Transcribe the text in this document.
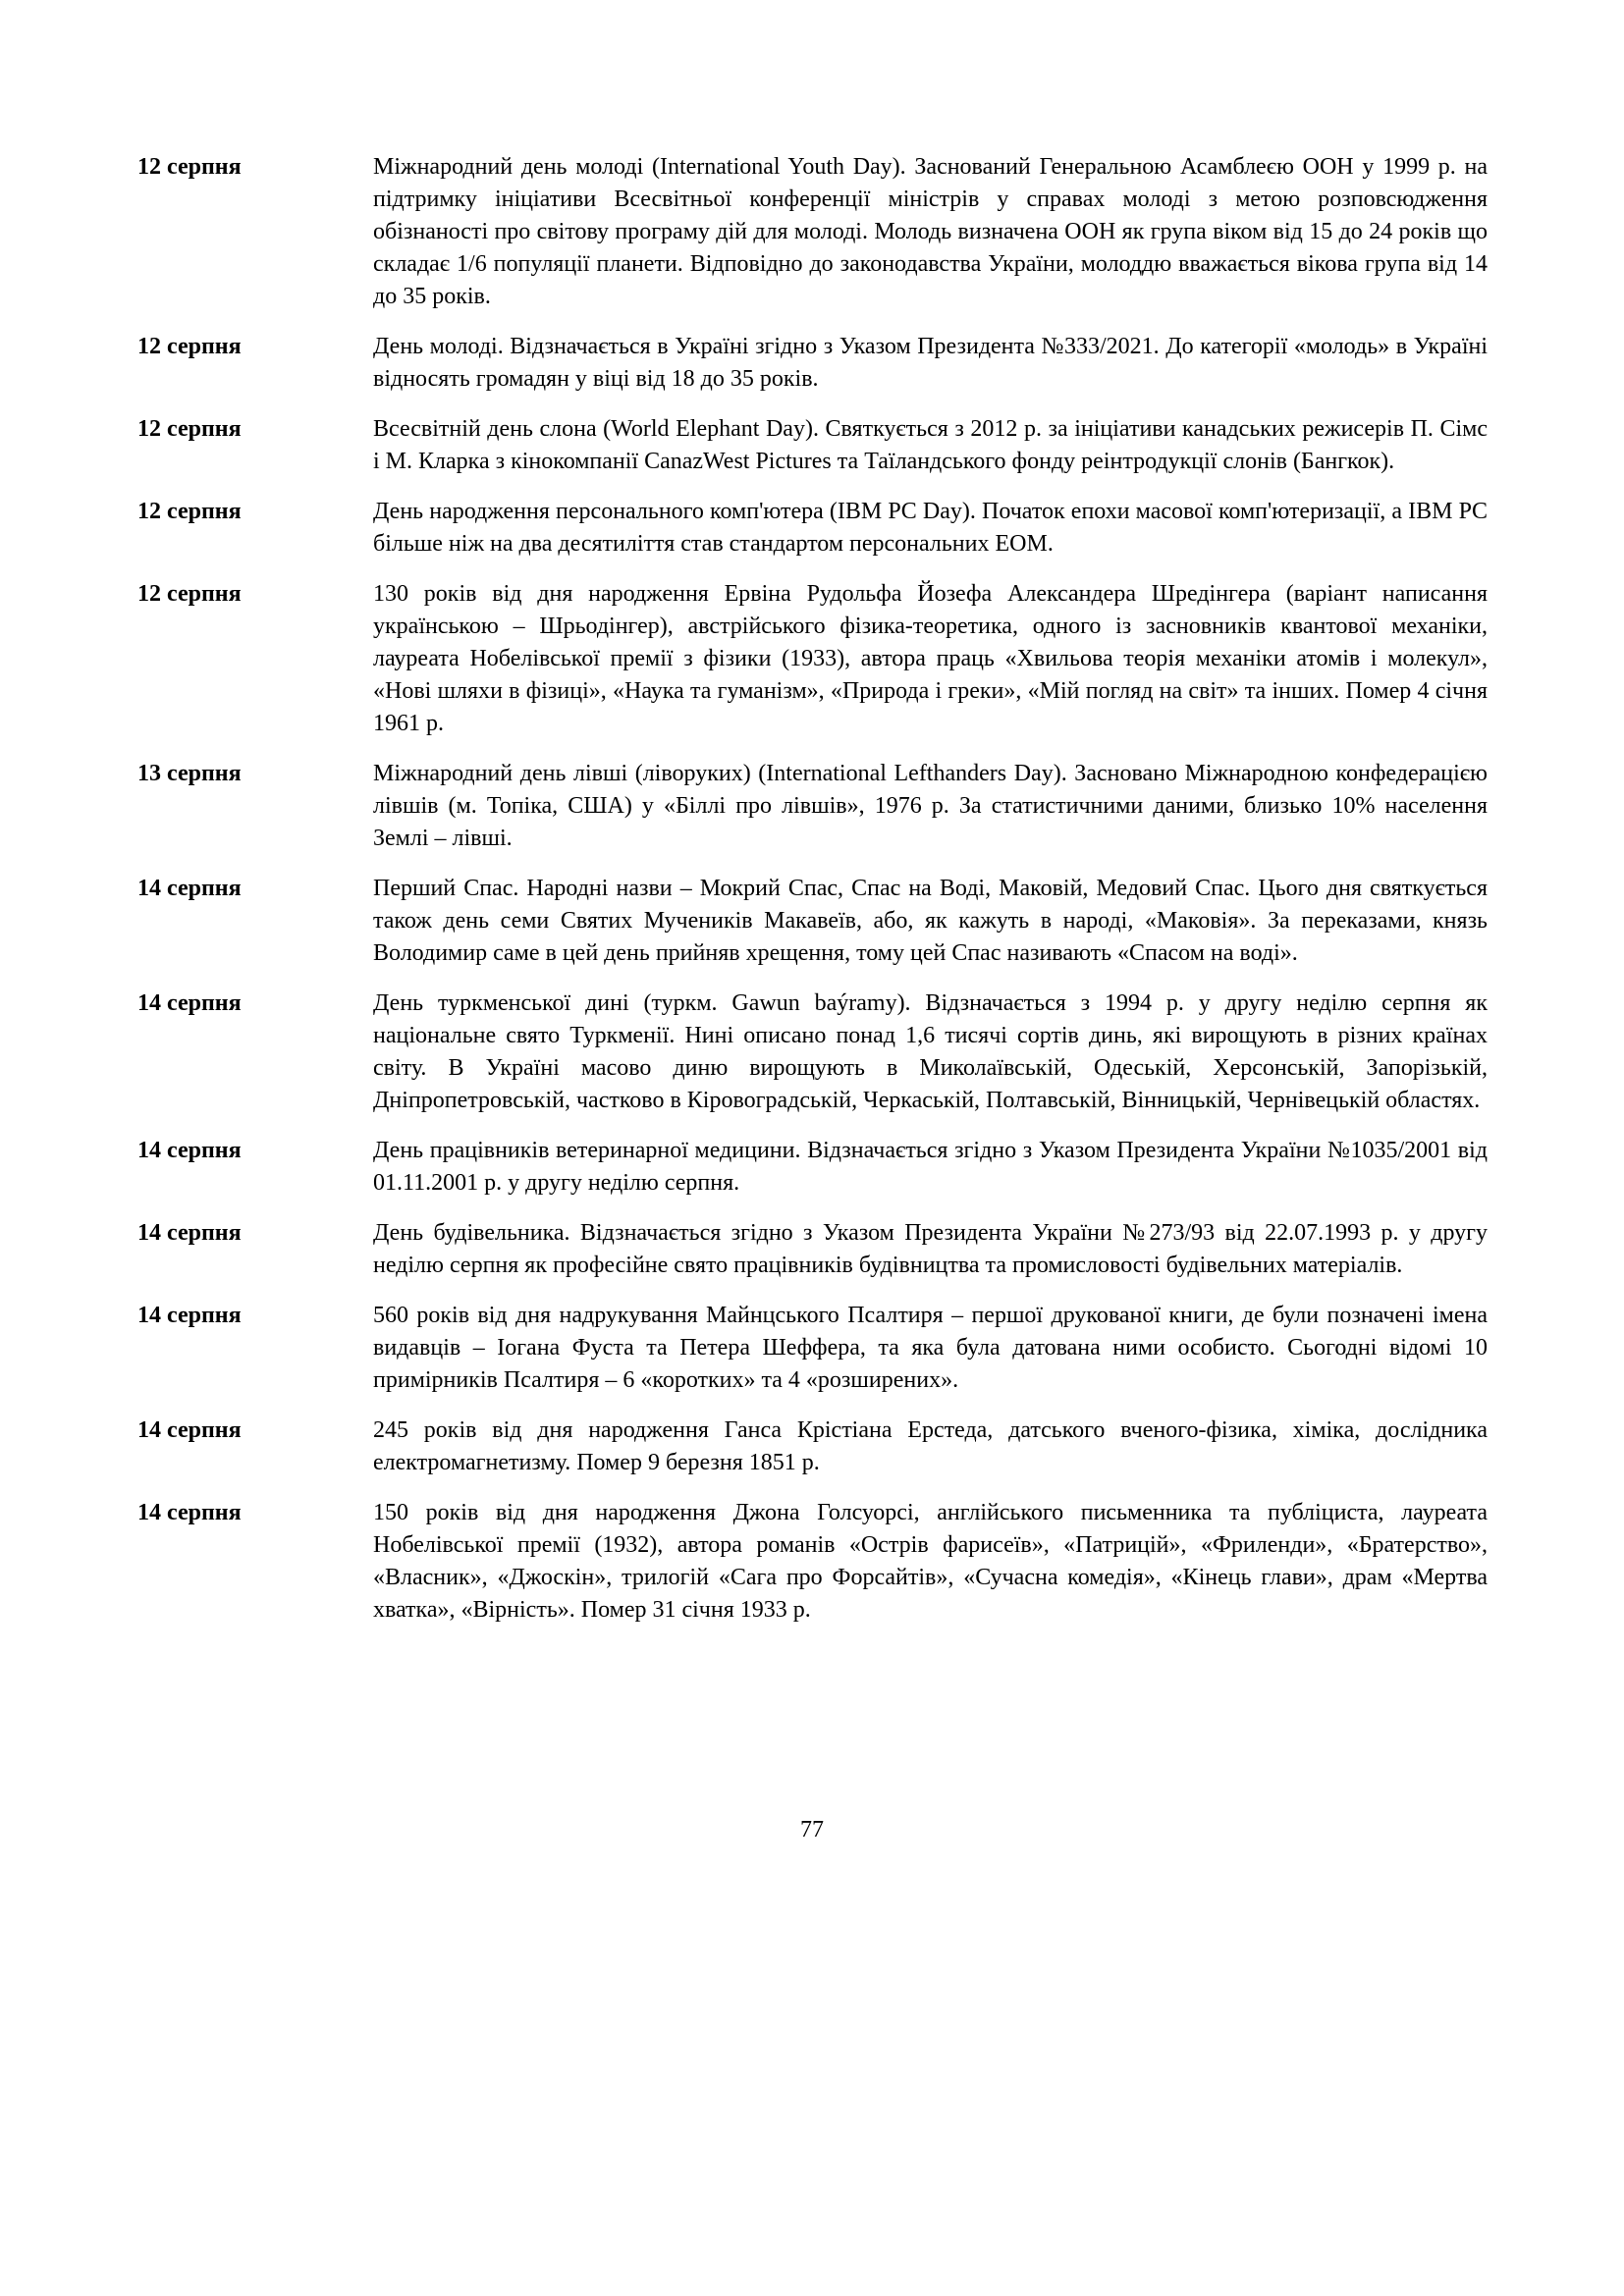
12 серпня	Міжнародний день молоді (International Youth Day). Заснований Генеральною Асамблеєю ООН у 1999 р. на підтримку ініціативи Всесвітньої конференції міністрів у справах молоді з метою розповсюдження обізнаності про світову програму дій для молоді. Молодь визначена ООН як група віком від 15 до 24 років що складає 1/6 популяції планети. Відповідно до законодавства України, молоддю вважається вікова група від 14 до 35 років.
12 серпня	День молоді. Відзначається в Україні згідно з Указом Президента №333/2021. До категорії «молодь» в Україні відносять громадян у віці від 18 до 35 років.
12 серпня	Всесвітній день слона (World Elephant Day). Святкується з 2012 р. за ініціативи канадських режисерів П. Сімс і М. Кларка з кінокомпанії CanazWest Pictures та Таїландського фонду реінтродукції слонів (Бангкок).
12 серпня	День народження персонального комп'ютера (IBM PC Day). Початок епохи масової комп'ютеризації, а IBM PC більше ніж на два десятиліття став стандартом персональних ЕОМ.
12 серпня	130 років від дня народження Ервіна Рудольфа Йозефа Александера Шредінгера (варіант написання українською – Шрьодінгер), австрійського фізика-теоретика, одного із засновників квантової механіки, лауреата Нобелівської премії з фізики (1933), автора праць «Хвильова теорія механіки атомів і молекул», «Нові шляхи в фізиці», «Наука та гуманізм», «Природа і греки», «Мій погляд на світ» та інших. Помер 4 січня 1961 р.
13 серпня	Міжнародний день лівші (ліворуких) (International Lefthanders Day). Засновано Міжнародною конфедерацією лівшів (м. Топіка, США) у «Біллі про лівшів», 1976 р. За статистичними даними, близько 10% населення Землі – лівші.
14 серпня	Перший Спас. Народні назви – Мокрий Спас, Спас на Воді, Маковій, Медовий Спас. Цього дня святкується також день семи Святих Мучеників Макавеїв, або, як кажуть в народі, «Маковія». За переказами, князь Володимир саме в цей день прийняв хрещення, тому цей Спас називають «Спасом на воді».
14 серпня	День туркменської дині (туркм. Gawun baýramy). Відзначається з 1994 р. у другу неділю серпня як національне свято Туркменії. Нині описано понад 1,6 тисячі сортів динь, які вирощують в різних країнах світу. В Україні масово диню вирощують в Миколаївській, Одеській, Херсонській, Запорізькій, Дніпропетровській, частково в Кіровоградській, Черкаській, Полтавській, Вінницькій, Чернівецькій областях.
14 серпня	День працівників ветеринарної медицини. Відзначається згідно з Указом Президента України №1035/2001 від 01.11.2001 р. у другу неділю серпня.
14 серпня	День будівельника. Відзначається згідно з Указом Президента України №273/93 від 22.07.1993 р. у другу неділю серпня як професійне свято працівників будівництва та промисловості будівельних матеріалів.
14 серпня	560 років від дня надрукування Майнцського Псалтиря – першої друкованої книги, де були позначені імена видавців – Іогана Фуста та Петера Шеффера, та яка була датована ними особисто. Сьогодні відомі 10 примірників Псалтиря – 6 «коротких» та 4 «розширених».
14 серпня	245 років від дня народження Ганса Крістіана Ерстеда, датського вченого-фізика, хіміка, дослідника електромагнетизму. Помер 9 березня 1851 р.
14 серпня	150 років від дня народження Джона Голсуорсі, англійського письменника та публіциста, лауреата Нобелівської премії (1932), автора романів «Острів фарисеїв», «Патрицій», «Фриленди», «Братерство», «Власник», «Джоскін», трилогій «Сага про Форсайтів», «Сучасна комедія», «Кінець глави», драм «Мертва хватка», «Вірність». Помер 31 січня 1933 р.
77
